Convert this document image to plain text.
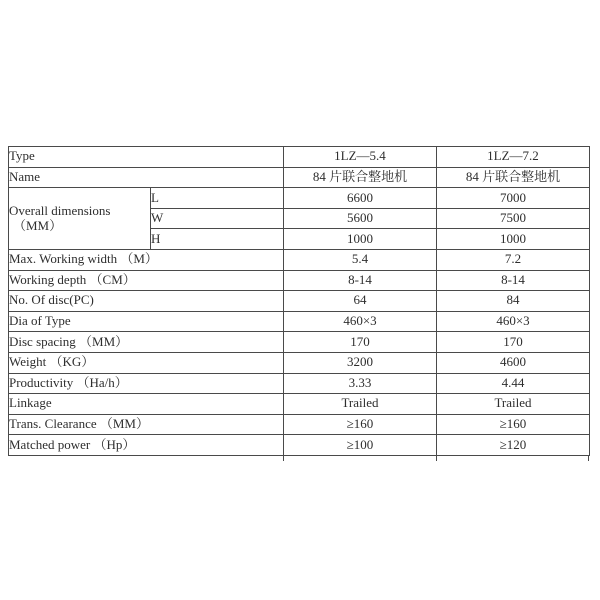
Type		1LZ—5.4	1LZ—7.2
Name		84 片联合整地机	84 片联合整地机

Overall dimensions
（MM）	L	6600	7000
	W	5600	7500
	H	1000	1000
Max. Working width （M）		5.4	7.2
Working depth （CM）		8-14	8-14
No. Of disc(PC)		64	84
Dia of Type		460×3	460×3
Disc spacing （MM）		170	170
Weight （KG）		3200	4600
Productivity （Ha/h）		3.33	4.44
Linkage		Trailed	Trailed
Trans. Clearance （MM）		≥160	≥160
Matched power （Hp）		≥100	≥120
